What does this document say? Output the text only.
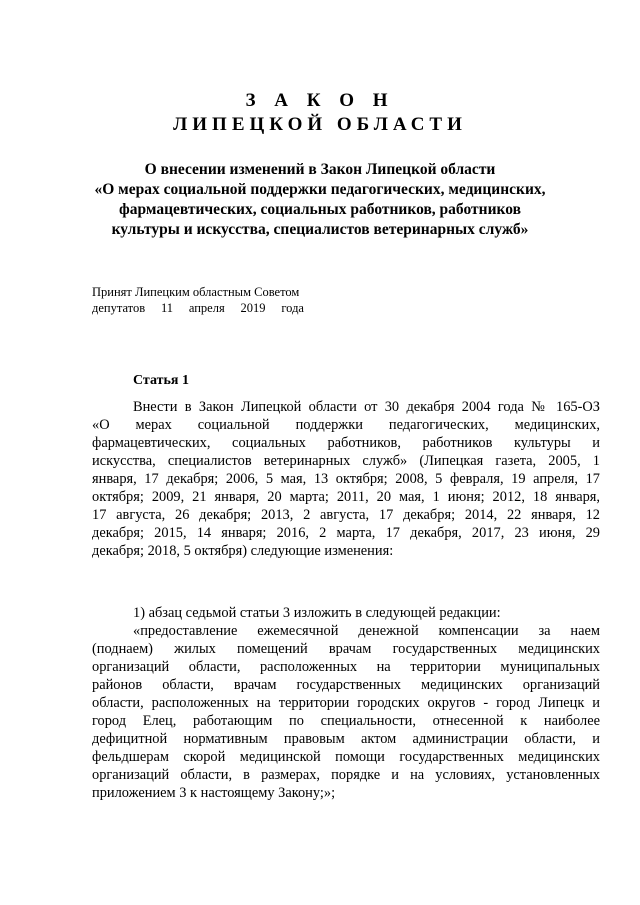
З А К О Н
ЛИПЕЦКОЙ ОБЛАСТИ
О внесении изменений в Закон Липецкой области
«О мерах социальной поддержки педагогических, медицинских,
фармацевтических, социальных работников, работников
культуры и искусства, специалистов ветеринарных служб»
Принят Липецким областным Советом
депутатов 11 апреля 2019 года
Статья 1
Внести в Закон Липецкой области от 30 декабря 2004 года № 165-ОЗ
«О мерах социальной поддержки педагогических, медицинских,
фармацевтических, социальных работников, работников культуры и
искусства, специалистов ветеринарных служб» (Липецкая газета, 2005, 1
января, 17 декабря; 2006, 5 мая, 13 октября; 2008, 5 февраля, 19 апреля, 17
октября; 2009, 21 января, 20 марта; 2011, 20 мая, 1 июня; 2012, 18 января,
17 августа, 26 декабря; 2013, 2 августа, 17 декабря; 2014, 22 января, 12
декабря; 2015, 14 января; 2016, 2 марта, 17 декабря, 2017, 23 июня, 29
декабря; 2018, 5 октября) следующие изменения:
1) абзац седьмой статьи 3 изложить в следующей редакции:
«предоставление ежемесячной денежной компенсации за наем
(поднаем) жилых помещений врачам государственных медицинских
организаций области, расположенных на территории муниципальных
районов области, врачам государственных медицинских организаций
области, расположенных на территории городских округов - город Липецк и
город Елец, работающим по специальности, отнесенной к наиболее
дефицитной нормативным правовым актом администрации области, и
фельдшерам скорой медицинской помощи государственных медицинских
организаций области, в размерах, порядке и на условиях, установленных
приложением 3 к настоящему Закону;»;
